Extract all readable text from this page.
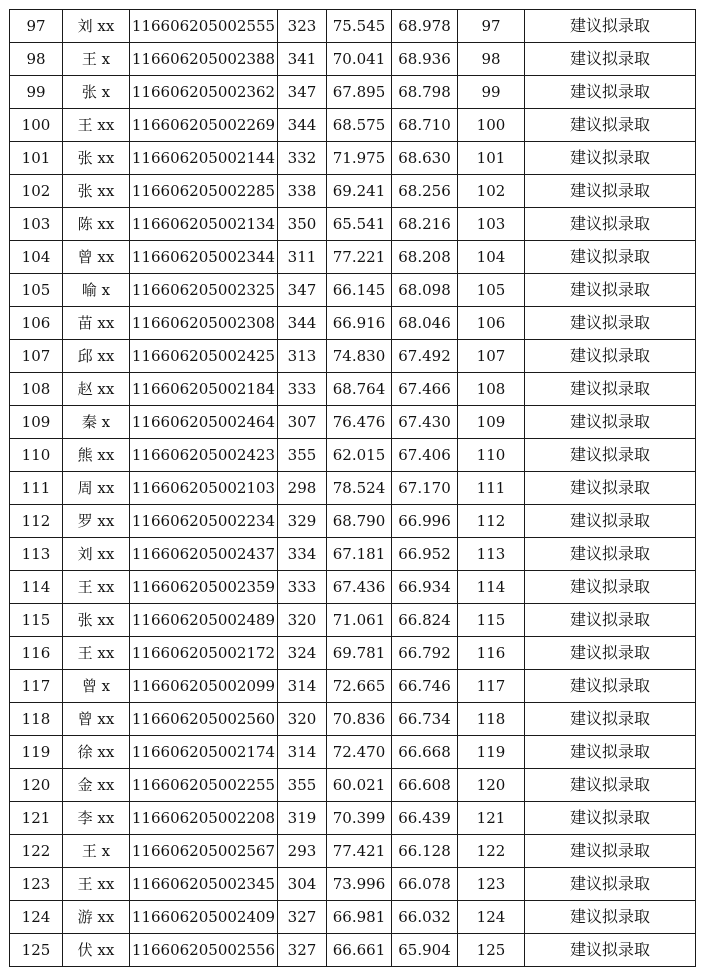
97	刘 xx	116606205002555	323	75.545	68.978	97	建议拟录取
98	王 x	116606205002388	341	70.041	68.936	98	建议拟录取
99	张 x	116606205002362	347	67.895	68.798	99	建议拟录取
100	王 xx	116606205002269	344	68.575	68.710	100	建议拟录取
101	张 xx	116606205002144	332	71.975	68.630	101	建议拟录取
102	张 xx	116606205002285	338	69.241	68.256	102	建议拟录取
103	陈 xx	116606205002134	350	65.541	68.216	103	建议拟录取
104	曾 xx	116606205002344	311	77.221	68.208	104	建议拟录取
105	喻 x	116606205002325	347	66.145	68.098	105	建议拟录取
106	苗 xx	116606205002308	344	66.916	68.046	106	建议拟录取
107	邱 xx	116606205002425	313	74.830	67.492	107	建议拟录取
108	赵 xx	116606205002184	333	68.764	67.466	108	建议拟录取
109	秦 x	116606205002464	307	76.476	67.430	109	建议拟录取
110	熊 xx	116606205002423	355	62.015	67.406	110	建议拟录取
111	周 xx	116606205002103	298	78.524	67.170	111	建议拟录取
112	罗 xx	116606205002234	329	68.790	66.996	112	建议拟录取
113	刘 xx	116606205002437	334	67.181	66.952	113	建议拟录取
114	王 xx	116606205002359	333	67.436	66.934	114	建议拟录取
115	张 xx	116606205002489	320	71.061	66.824	115	建议拟录取
116	王 xx	116606205002172	324	69.781	66.792	116	建议拟录取
117	曾 x	116606205002099	314	72.665	66.746	117	建议拟录取
118	曾 xx	116606205002560	320	70.836	66.734	118	建议拟录取
119	徐 xx	116606205002174	314	72.470	66.668	119	建议拟录取
120	金 xx	116606205002255	355	60.021	66.608	120	建议拟录取
121	李 xx	116606205002208	319	70.399	66.439	121	建议拟录取
122	王 x	116606205002567	293	77.421	66.128	122	建议拟录取
123	王 xx	116606205002345	304	73.996	66.078	123	建议拟录取
124	游 xx	116606205002409	327	66.981	66.032	124	建议拟录取
125	伏 xx	116606205002556	327	66.661	65.904	125	建议拟录取
